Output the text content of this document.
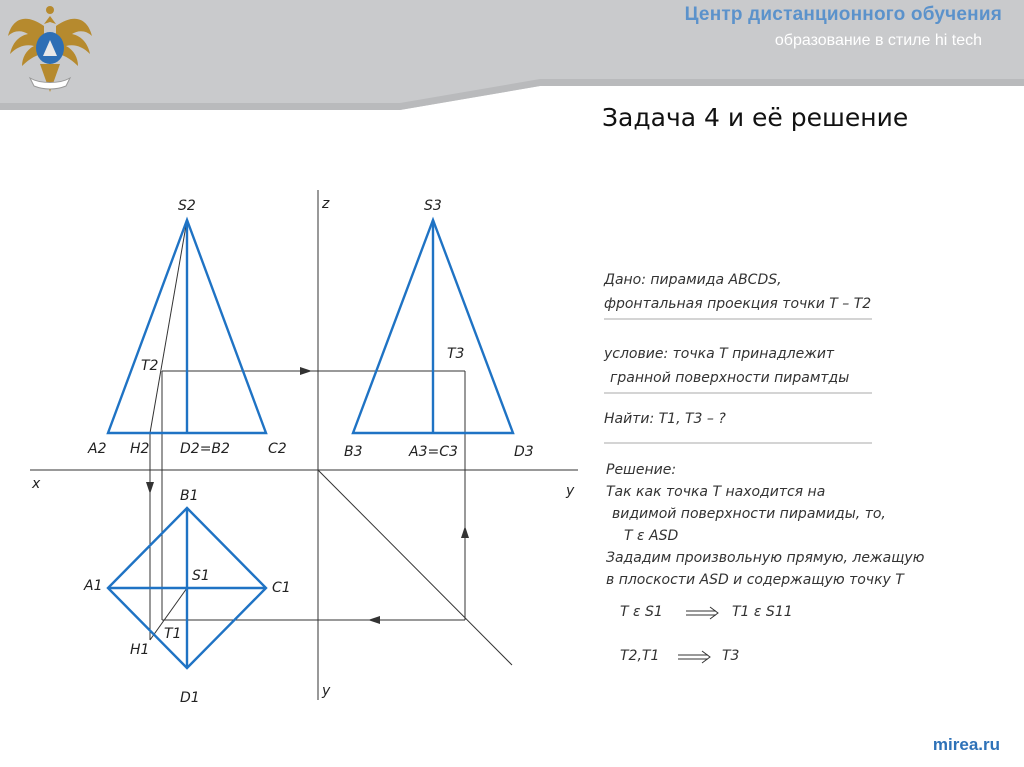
Центр дистанционного обучения
образование в стиле hi tech
Задача 4 и её решение
x	y
z
y
S2
T2
A2 H2 D2=B2	C2
S3
T3
B3	A3=C3	D3
B1
A1
S1
C1
T1
H1
D1
Дано: пирамида ABCDS,
фронтальная проекция точки T – T2
условие: точка T принадлежит
гранной поверхности пирамтды
Найти: T1, T3 – ?
Решение:
Так как точка T находится на
видимой поверхности пирамиды, то,
T ε ASD
Зададим произвольную прямую, лежащую
в плоскости ASD и содержащую точку T
T ε S1	T1 ε S11
T2,T1	T3
mirea.ru
